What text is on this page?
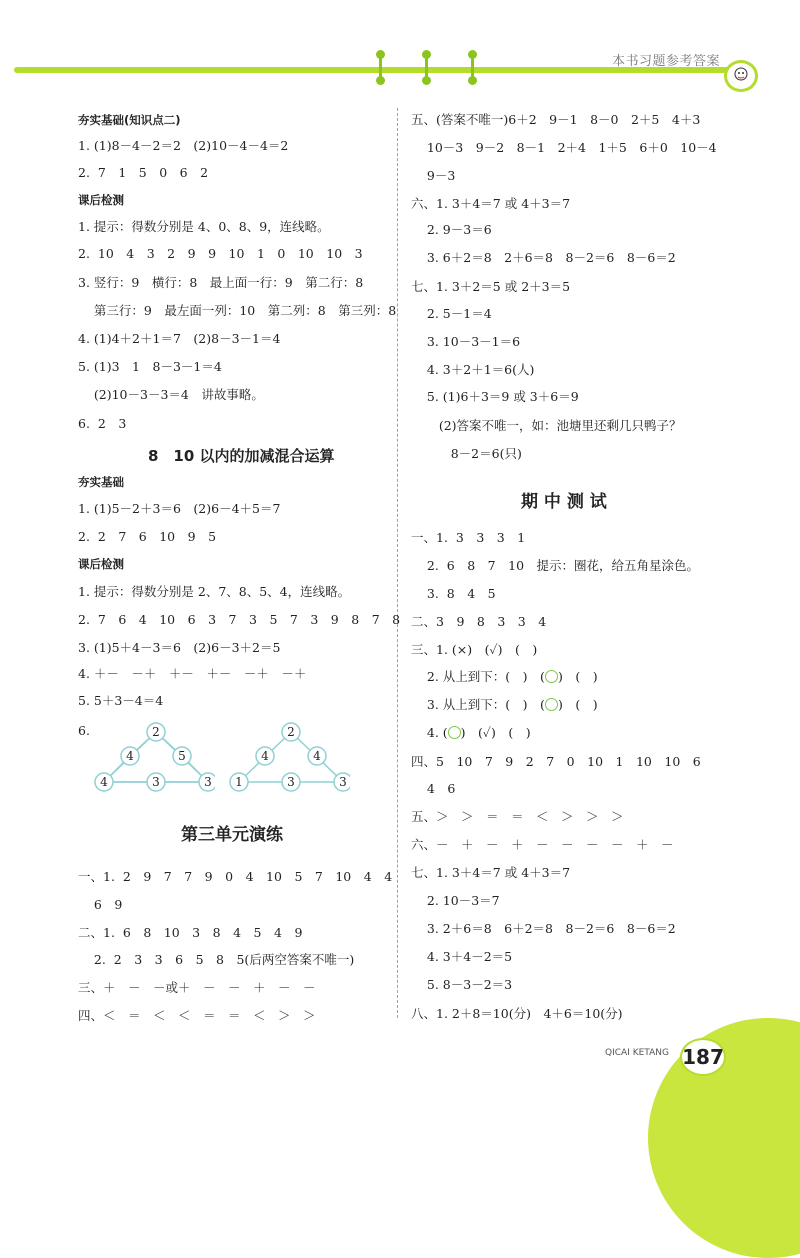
本书习题参考答案
夯实基础(知识点二)
1. (1)8－4－2＝2　(2)10－4－4＝2
2.  7　1　5　0　6　2
课后检测
1. 提示：得数分别是 4、0、8、9，连线略。
2.  10　4　3　2　9　9　10　1　0　10　10　3
3. 竖行：9　横行：8　最上面一行：9　第二行：8
第三行：9　最左面一列：10　第二列：8　第三列：8
4. (1)4＋2＋1＝7　(2)8－3－1＝4
5. (1)3　1　8－3－1＝4
(2)10－3－3＝4　讲故事略。
6.  2　3
8　10 以内的加减混合运算
夯实基础
1. (1)5－2＋3＝6　(2)6－4＋5＝7
2.  2　7　6　10　9　5
课后检测
1. 提示：得数分别是 2、7、8、5、4，连线略。
2.  7　6　4　10　6　3　7　3　5　7　3　9　8　7　8
3. (1)5＋4－3＝6　(2)6－3＋2＝5
4. ＋－　－＋　＋－　＋－　－＋　－＋
5. 5＋3－4＝4
6.	2
4	5
4	3	3
2
4	4
1	3	3
第三单元演练
一、1.  2　9　7　7　9　0　4　10　5　7　10　4　4
6　9
二、1.  6　8　10　3　8　4　5　4　9
2.  2　3　3　6　5　8　5(后两空答案不唯一)
三、＋　－　－或＋　－　－　＋　－　－
四、＜　＝　＜　＜　＝　＝　＜　＞　＞
五、(答案不唯一)6＋2　9－1　8－0　2＋5　4＋3
10－3　9－2　8－1　2＋4　1＋5　6＋0　10－4
9－3
六、1. 3＋4＝7 或 4＋3＝7
2. 9－3＝6
3. 6＋2＝8　2＋6＝8　8－2＝6　8－6＝2
七、1. 3＋2＝5 或 2＋3＝5
2. 5－1＝4
3. 10－3－1＝6
4. 3＋2＋1＝6(人)
5. (1)6＋3＝9 或 3＋6＝9
(2)答案不唯一，如：池塘里还剩几只鸭子？
8－2＝6(只)
期 中 测 试
一、1.  3　3　3　1
2.  6　8　7　10　提示：圈花，给五角星涂色。
3.  8　4　5
二、3　9　8　3　3　4
三、1. (×)　(✓)　(　)
2. 从上到下：(　)　(○)　(　)
3. 从上到下：(　)　(○)　(　)
4. (○)　(✓)　(　)
四、5　10　7　9　2　7　0　10　1　10　10　6
4　6
五、＞　＞　＝　＝　＜　＞　＞　＞
六、－　＋　－　＋　－　－　－　－　＋　－
七、1. 3＋4＝7 或 4＋3＝7
2. 10－3＝7
3. 2＋6＝8　6＋2＝8　8－2＝6　8－6＝2
4. 3＋4－2＝5
5. 8－3－2＝3
八、1. 2＋8＝10(分)　4＋6＝10(分)
QICAI KETANG 187
